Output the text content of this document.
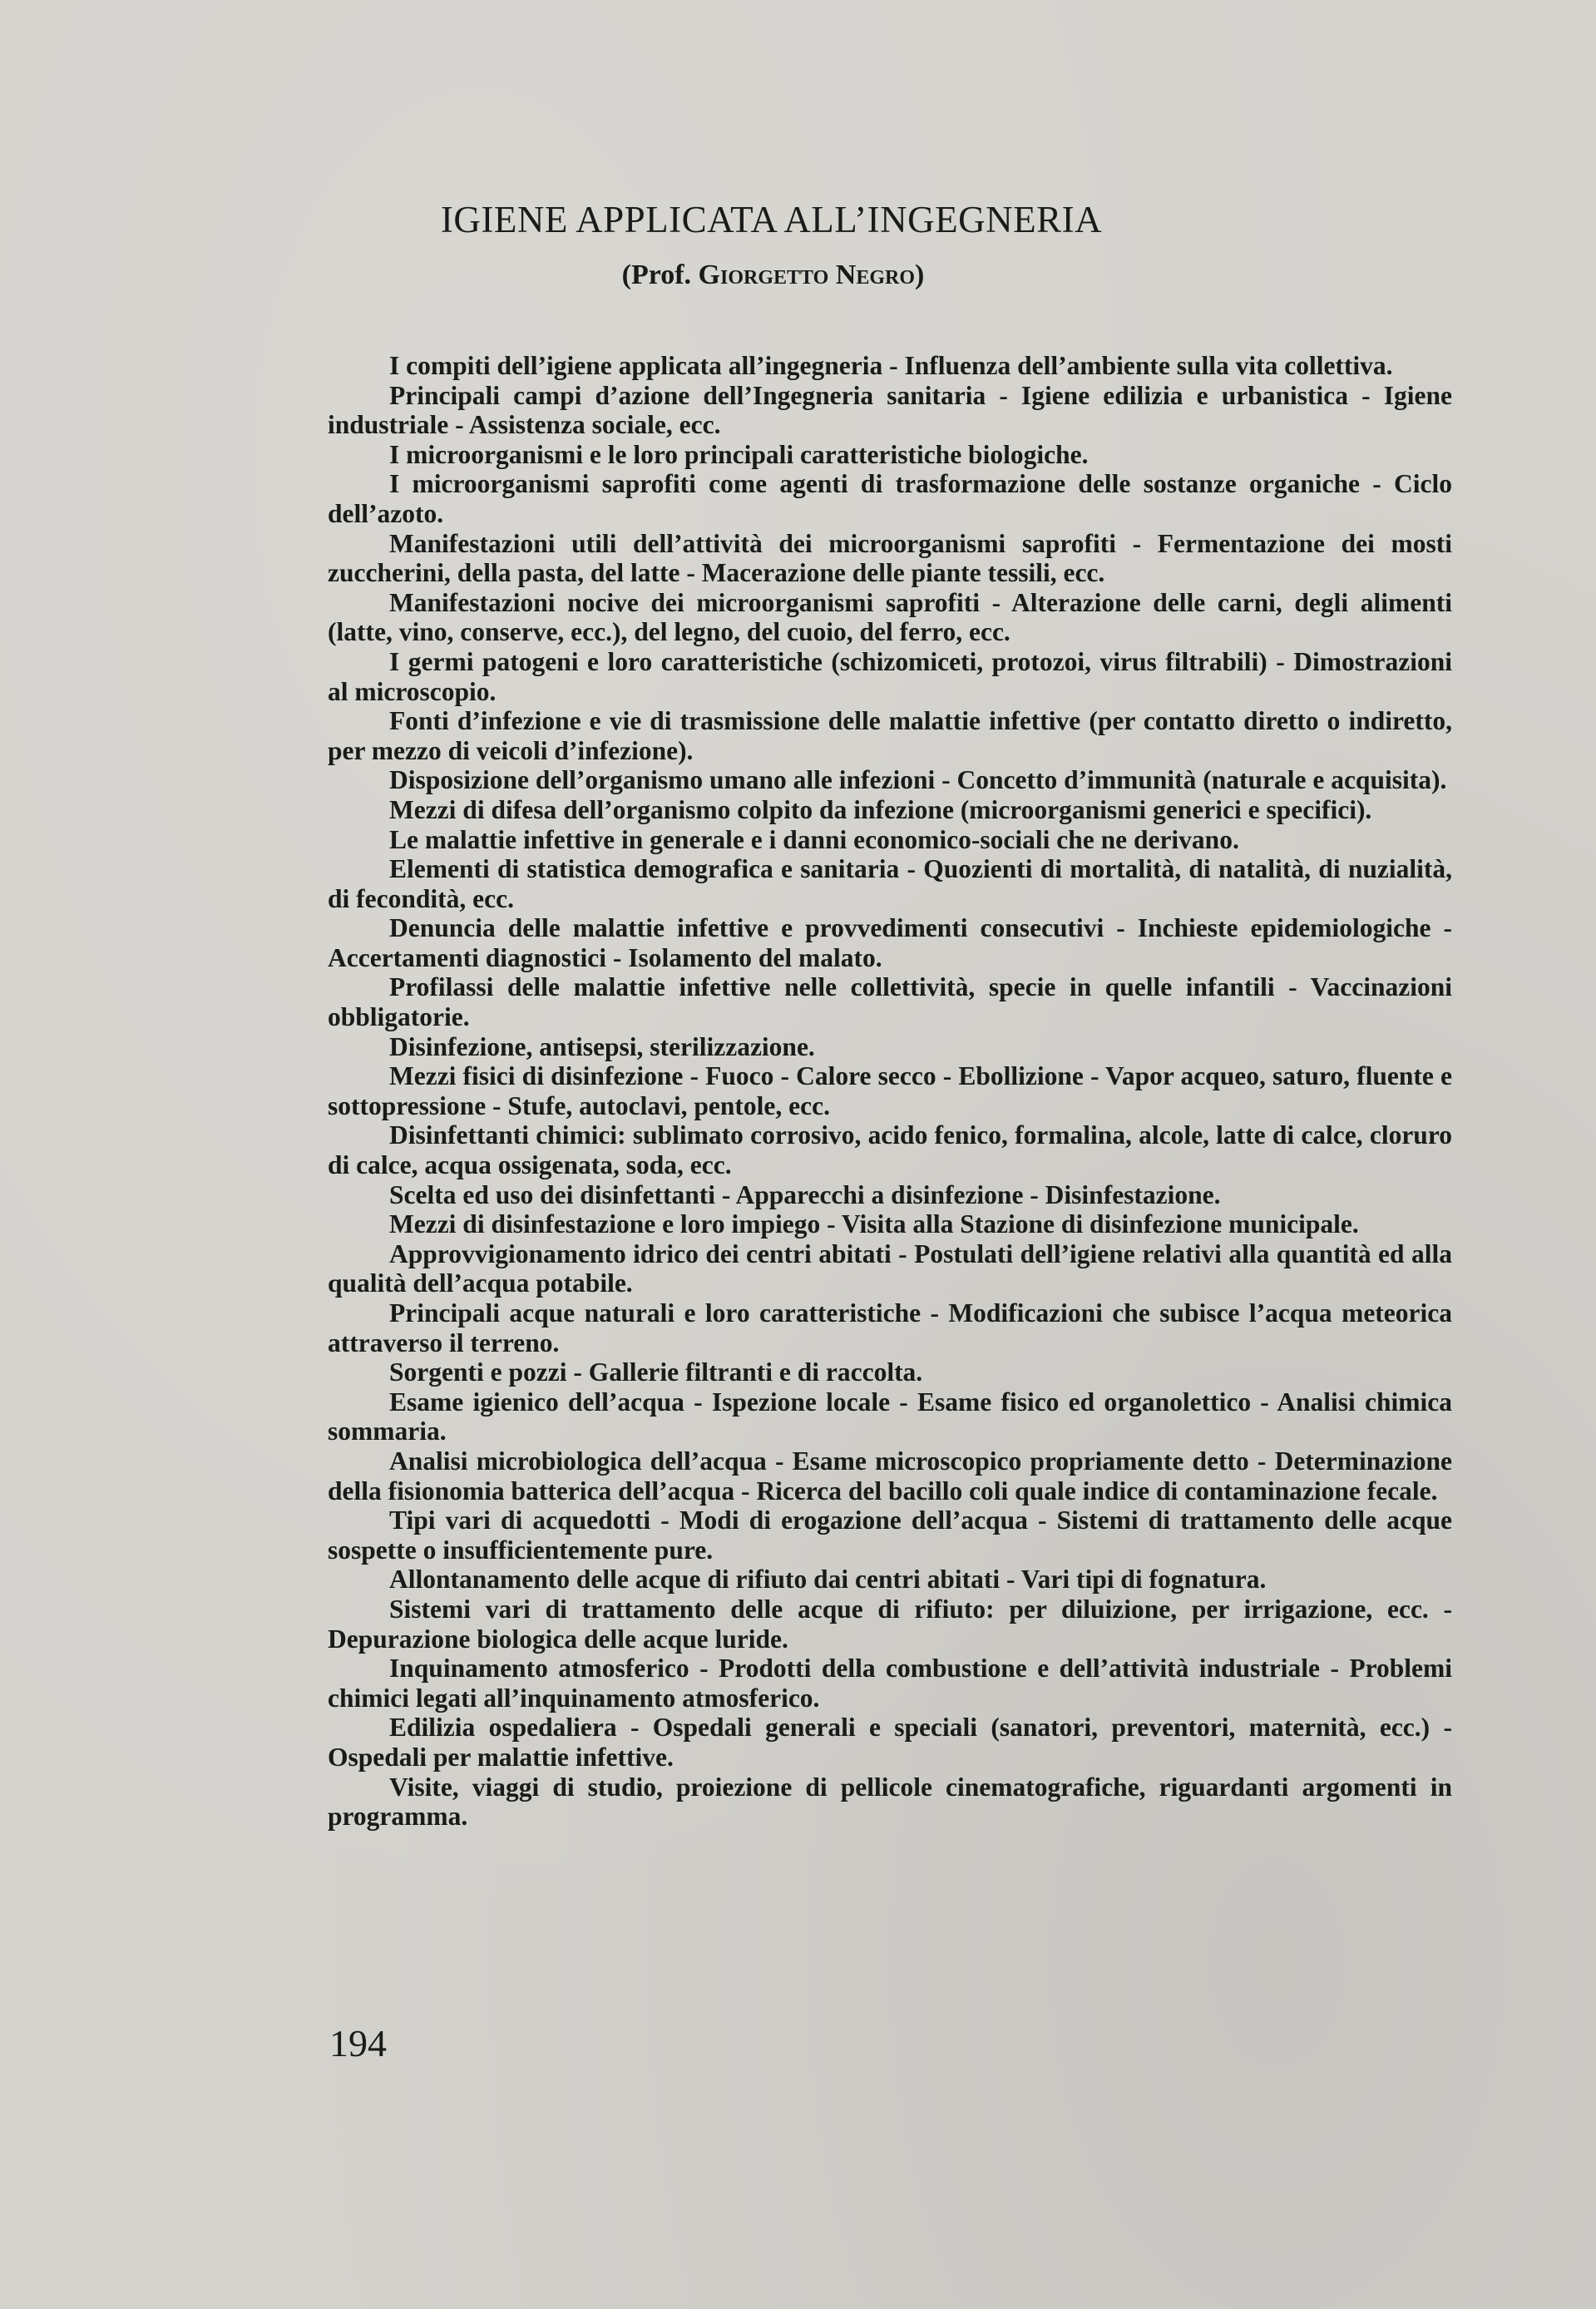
IGIENE APPLICATA ALL’INGEGNERIA
(Prof. Giorgetto Negro)

I compiti dell’igiene applicata all’ingegneria - Influenza dell’ambiente sulla vita collettiva.

Principali campi d’azione dell’Ingegneria sanitaria - Igiene edilizia e urbanistica - Igiene industriale - Assistenza sociale, ecc.

I microorganismi e le loro principali caratteristiche biologiche.

I microorganismi saprofiti come agenti di trasformazione delle sostanze organiche - Ciclo dell’azoto.

Manifestazioni utili dell’attività dei microorganismi saprofiti - Fermentazione dei mosti zuccherini, della pasta, del latte - Macerazione delle piante tessili, ecc.

Manifestazioni nocive dei microorganismi saprofiti - Alterazione delle carni, degli alimenti (latte, vino, conserve, ecc.), del legno, del cuoio, del ferro, ecc.

I germi patogeni e loro caratteristiche (schizomiceti, protozoi, virus filtrabili) - Dimostrazioni al microscopio.

Fonti d’infezione e vie di trasmissione delle malattie infettive (per contatto diretto o indiretto, per mezzo di veicoli d’infezione).

Disposizione dell’organismo umano alle infezioni - Concetto d’immunità (naturale e acquisita).

Mezzi di difesa dell’organismo colpito da infezione (microorganismi generici e specifici).

Le malattie infettive in generale e i danni economico-sociali che ne derivano.

Elementi di statistica demografica e sanitaria - Quozienti di mortalità, di natalità, di nuzialità, di fecondità, ecc.

Denuncia delle malattie infettive e provvedimenti consecutivi - Inchieste epidemiologiche - Accertamenti diagnostici - Isolamento del malato.

Profilassi delle malattie infettive nelle collettività, specie in quelle infantili - Vaccinazioni obbligatorie.

Disinfezione, antisepsi, sterilizzazione.

Mezzi fisici di disinfezione - Fuoco - Calore secco - Ebollizione - Vapor acqueo, saturo, fluente e sottopressione - Stufe, autoclavi, pentole, ecc.

Disinfettanti chimici: sublimato corrosivo, acido fenico, formalina, alcole, latte di calce, cloruro di calce, acqua ossigenata, soda, ecc.

Scelta ed uso dei disinfettanti - Apparecchi a disinfezione - Disinfestazione.

Mezzi di disinfestazione e loro impiego - Visita alla Stazione di disinfezione municipale.

Approvvigionamento idrico dei centri abitati - Postulati dell’igiene relativi alla quantità ed alla qualità dell’acqua potabile.

Principali acque naturali e loro caratteristiche - Modificazioni che subisce l’acqua meteorica attraverso il terreno.

Sorgenti e pozzi - Gallerie filtranti e di raccolta.

Esame igienico dell’acqua - Ispezione locale - Esame fisico ed organolettico - Analisi chimica sommaria.

Analisi microbiologica dell’acqua - Esame microscopico propriamente detto - Determinazione della fisionomia batterica dell’acqua - Ricerca del bacillo coli quale indice di contaminazione fecale.

Tipi vari di acquedotti - Modi di erogazione dell’acqua - Sistemi di trattamento delle acque sospette o insufficientemente pure.

Allontanamento delle acque di rifiuto dai centri abitati - Vari tipi di fognatura.

Sistemi vari di trattamento delle acque di rifiuto: per diluizione, per irrigazione, ecc. - Depurazione biologica delle acque luride.

Inquinamento atmosferico - Prodotti della combustione e dell’attività industriale - Problemi chimici legati all’inquinamento atmosferico.

Edilizia ospedaliera - Ospedali generali e speciali (sanatori, preventori, maternità, ecc.) - Ospedali per malattie infettive.

Visite, viaggi di studio, proiezione di pellicole cinematografiche, riguardanti argomenti in programma.

194
